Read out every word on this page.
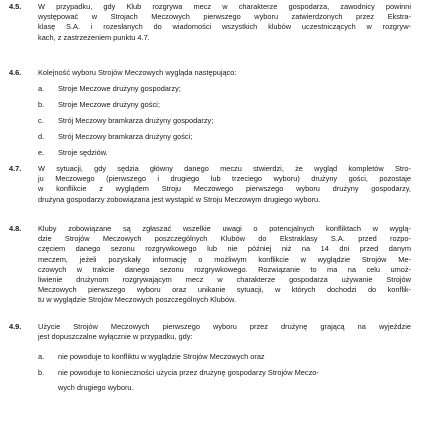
4.5. W przypadku, gdy Klub rozgrywa mecz w charakterze gospodarza, zawodnicy powinni
występować w Strojach Meczowych pierwszego wyboru zatwierdzonych przez Ekstra-
klasę S.A. i rozesłanych do wiadomości wszystkich klubów uczestniczących w rozgryw-
kach, z zastrzeżeniem punktu 4.7.
4.6. Kolejność wyboru Strojów Meczowych wygląda następująco:
a. Stroje Meczowe drużyny gospodarzy;
b. Stroje Meczowe drużyny gości;
c. Strój Meczowy bramkarza drużyny gospodarzy;
d. Strój Meczowy bramkarza drużyny gości;
e. Stroje sędziów.
4.7. W sytuacji, gdy sędzia główny danego meczu stwierdzi, że wygląd kompletów Stro-
ju Meczowego (pierwszego i drugiego lub trzeciego wyboru) drużyny gości, pozostaje
w konflikcie z wyglądem Stroju Meczowego pierwszego wyboru drużyny gospodarzy,
drużyna gospodarzy zobowiązana jest wystąpić w Stroju Meczowym drugiego wyboru.
4.8. Kluby zobowiązane są zgłaszać wszelkie uwagi o potencjalnych konfliktach w wyglą-
dzie Strojów Meczowych poszczególnych Klubów do Ekstraklasy S.A. przed rozpo-
częciem danego sezonu rozgrywkowego lub nie później niż na 14 dni przed danym
meczem, jeżeli pozyskały informację o możliwym konflikcie w wyglądzie Strojów Me-
czowych w trakcie danego sezonu rozgrywkowego. Rozwiązanie to ma na celu umoż-
liwienie drużynom rozgrywającym mecz w charakterze gospodarza używanie Strojów
Meczowych pierwszego wyboru oraz unikanie sytuacji, w których dochodzi do konflik-
tu w wyglądzie Strojów Meczowych poszczególnych Klubów.
4.9. Użycie Strojów Meczowych pierwszego wyboru przez drużynę grającą na wyjeździe
jest dopuszczalne wyłącznie w przypadku, gdy:
a. nie powoduje to konfliktu w wyglądzie Strojów Meczowych oraz
b. nie powoduje to konieczności użycia przez drużynę gospodarzy Strojów Meczo-
wych drugiego wyboru.
